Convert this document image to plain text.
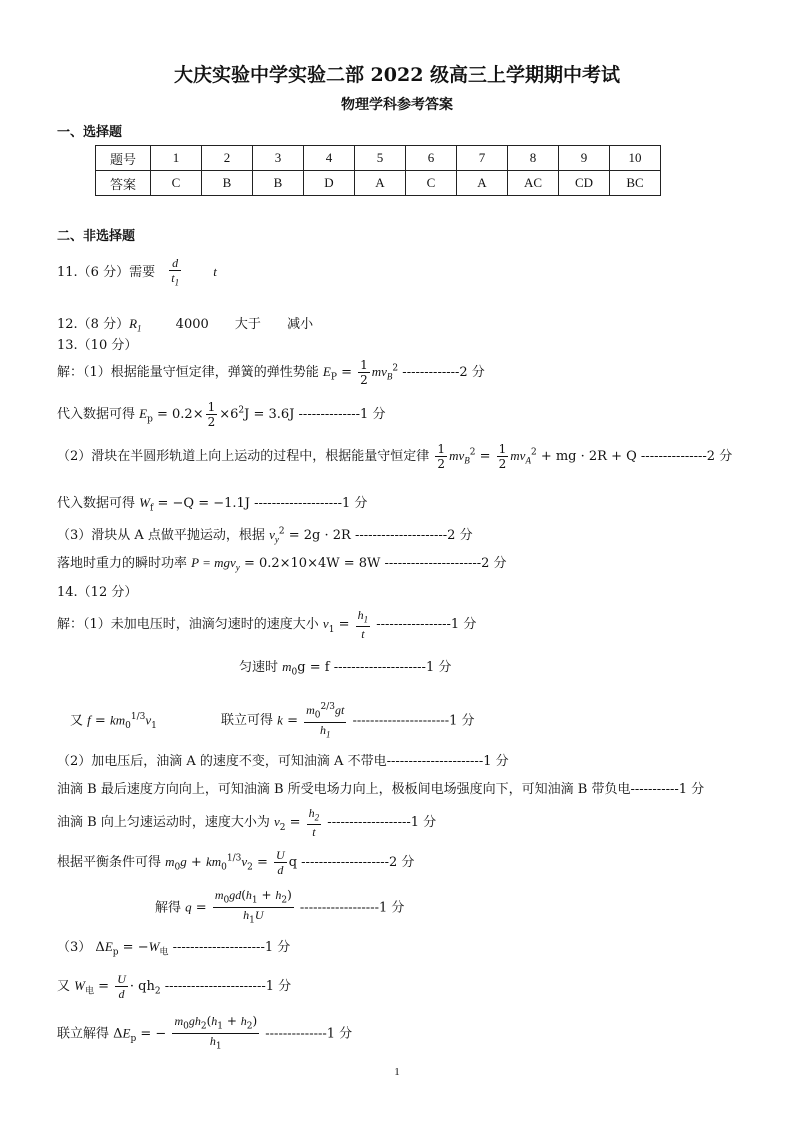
大庆实验中学实验二部 2022 级高三上学期期中考试
物理学科参考答案
一、选择题
题号	1	2	3	4	5	6	7	8	9	10
答案	C	B	B	D	A	C	A	AC	CD	BC
二、非选择题
11.（6 分）需要 $\frac{d}{t_1}$ t
12.（8 分）$R_1$	4000 大于 减小
13.（10 分）
解：（1）根据能量守恒定律，弹簧的弹性势能 $E_P = \frac{1}{2} mv_B^2$ -------------2 分
代入数据可得 $E_p = 0.2\times \frac{1}{2} \times 6^2J = 3.6J$ --------------1 分
（2）滑块在半圆形轨道上向上运动的过程中，根据能量守恒定律 $\frac{1}{2} mv_B^2 = \frac{1}{2} mv_A^2$ + mg · 2R + Q ---------------2 分
代入数据可得 $W_f = -Q = -1.1J$ --------------------1 分
（3）滑块从 A 点做平抛运动，根据 $v_y^2 = 2g \cdot 2R$ ---------------------2 分
落地时重力的瞬时功率 P = mgv$_y$ = 0.2×10×4W = 8W ----------------------2 分
14.（12 分）
解：（1）未加电压时，油滴匀速时的速度大小 $v_1 = \frac{h_1}{t} -----------------1$ 分
匀速时 $m_0g = f$ ---------------------1 分
又 $f = km_0^{1/3}v_1$	联立可得 $k = \frac{m_0^{2/3}gt}{h_1} ----------------------1$ 分
（2）加电压后，油滴 A 的速度不变，可知油滴 A 不带电----------------------1 分
油滴 B 最后速度方向向上，可知油滴 B 所受电场力向上，极板间电场强度向下，可知油滴 B 带负电-----------1 分
油滴 B 向上匀速运动时，速度大小为 $v_2 = \frac{h_2}{t} -------------------1$ 分
根据平衡条件可得 $m_0g + km_0^{1/3}v_2 = \frac{U}{d}$ q --------------------2 分
解得 $q = \frac{m_0gd(h_1 + h_2)}{h_1U} ------------------1$ 分
（3） $\Delta E_p = -W_电$ ---------------------1 分
又 $W_电 = \frac{U}{d} \cdot qh_2$ -----------------------1 分
联立解得 $\Delta E_p$ = − $\frac{m_0gh_2(h_1 + h_2)}{h_1} --------------1$ 分
1
